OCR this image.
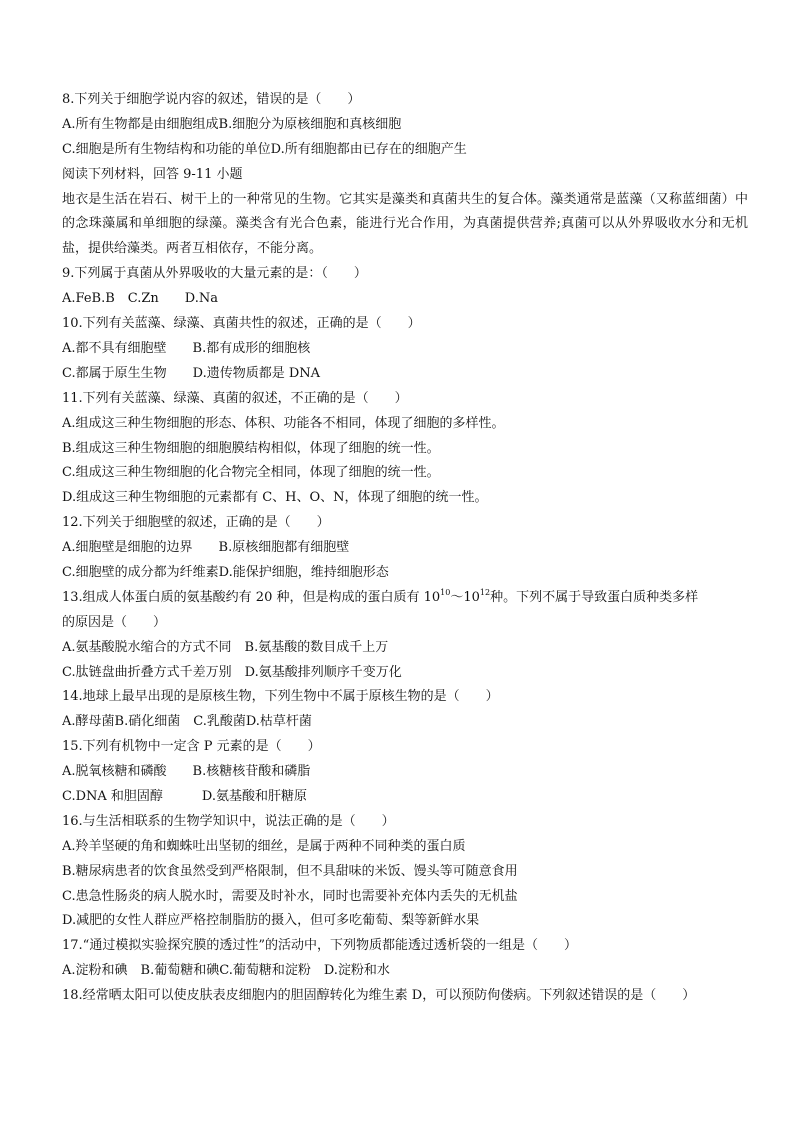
8.下列关于细胞学说内容的叙述，错误的是（　　）
A.所有生物都是由细胞组成B.细胞分为原核细胞和真核细胞
C.细胞是所有生物结构和功能的单位D.所有细胞都由已存在的细胞产生
阅读下列材料，回答 9-11 小题
地衣是生活在岩石、树干上的一种常见的生物。它其实是藻类和真菌共生的复合体。藻类通常是蓝藻（又称蓝细菌）中的念珠藻属和单细胞的绿藻。藻类含有光合色素，能进行光合作用，为真菌提供营养;真菌可以从外界吸收水分和无机盐，提供给藻类。两者互相依存，不能分离。
9.下列属于真菌从外界吸收的大量元素的是：（　　）
A.FeB.B　C.Zn　　D.Na
10.下列有关蓝藻、绿藻、真菌共性的叙述，正确的是（　　）
A.都不具有细胞壁　　B.都有成形的细胞核
C.都属于原生生物　　D.遗传物质都是 DNA
11.下列有关蓝藻、绿藻、真菌的叙述，不正确的是（　　）
A.组成这三种生物细胞的形态、体积、功能各不相同，体现了细胞的多样性。
B.组成这三种生物细胞的细胞膜结构相似，体现了细胞的统一性。
C.组成这三种生物细胞的化合物完全相同，体现了细胞的统一性。
D.组成这三种生物细胞的元素都有 C、H、O、N，体现了细胞的统一性。
12.下列关于细胞壁的叙述，正确的是（　　）
A.细胞壁是细胞的边界　　B.原核细胞都有细胞壁
C.细胞壁的成分都为纤维素D.能保护细胞，维持细胞形态
13.组成人体蛋白质的氨基酸约有 20 种，但是构成的蛋白质有 $10^{10}\sim 10^{12}$种。下列不属于导致蛋白质种类多样
的原因是（　　）
A.氨基酸脱水缩合的方式不同　B.氨基酸的数目成千上万
C.肽链盘曲折叠方式千差万别　D.氨基酸排列顺序千变万化
14.地球上最早出现的是原核生物，下列生物中不属于原核生物的是（　　）
A.酵母菌B.硝化细菌　C.乳酸菌D.枯草杆菌
15.下列有机物中一定含 P 元素的是（　　）
A.脱氧核糖和磷酸　　B.核糖核苷酸和磷脂
C.DNA 和胆固醇　　　D.氨基酸和肝糖原
16.与生活相联系的生物学知识中，说法正确的是（　　）
A.羚羊坚硬的角和蜘蛛吐出坚韧的细丝，是属于两种不同种类的蛋白质
B.糖尿病患者的饮食虽然受到严格限制，但不具甜味的米饭、馒头等可随意食用
C.患急性肠炎的病人脱水时，需要及时补水，同时也需要补充体内丢失的无机盐
D.减肥的女性人群应严格控制脂肪的摄入，但可多吃葡萄、梨等新鲜水果
17.“通过模拟实验探究膜的透过性”的活动中，下列物质都能透过透析袋的一组是（　　）
A.淀粉和碘　B.葡萄糖和碘C.葡萄糖和淀粉　D.淀粉和水
18.经常晒太阳可以使皮肤表皮细胞内的胆固醇转化为维生素 D，可以预防佝偻病。下列叙述错误的是（　　）
